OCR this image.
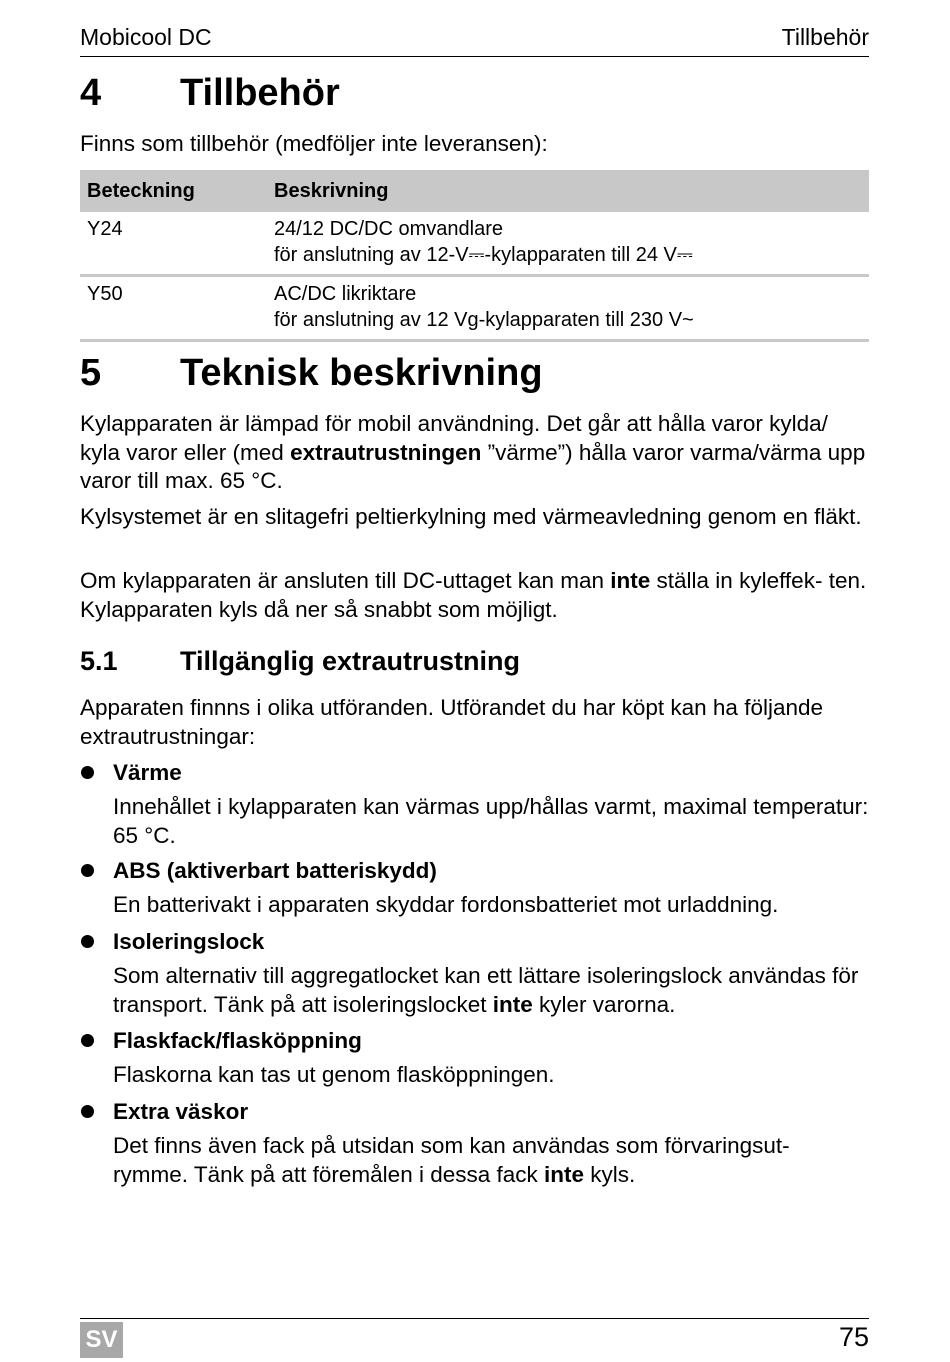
Mobicool DC	Tillbehör
4	Tillbehör
Finns som tillbehör (medföljer inte leveransen):
Beteckning	Beskrivning
Y24	24/12 DC/DC omvandlare
för anslutning av 12-V⎓-kylapparaten till 24 V⎓

Y50	AC/DC likriktare
för anslutning av 12 Vg-kylapparaten till 230 V~
5	Teknisk beskrivning
Kylapparaten är lämpad för mobil användning. Det går att hålla varor kylda/ kyla varor eller (med extrautrustningen ”värme”) hålla varor varma/värma upp varor till max. 65 °C.
Kylsystemet är en slitagefri peltierkylning med värmeavledning genom en fläkt.
Om kylapparaten är ansluten till DC-uttaget kan man inte ställa in kyleffek- ten. Kylapparaten kyls då ner så snabbt som möjligt.
5.1	Tillgänglig extrautrustning
Apparaten finnns i olika utföranden. Utförandet du har köpt kan ha följande extrautrustningar:
Värme
Innehållet i kylapparaten kan värmas upp/hållas varmt, maximal temperatur: 65 °C.
ABS (aktiverbart batteriskydd)
En batterivakt i apparaten skyddar fordonsbatteriet mot urladdning.
Isoleringslock
Som alternativ till aggregatlocket kan ett lättare isoleringslock användas för transport. Tänk på att isoleringslocket inte kyler varorna.
Flaskfack/flasköppning
Flaskorna kan tas ut genom flasköppningen.
Extra väskor
Det finns även fack på utsidan som kan användas som förvaringsut- rymme. Tänk på att föremålen i dessa fack inte kyls.
SV	75
